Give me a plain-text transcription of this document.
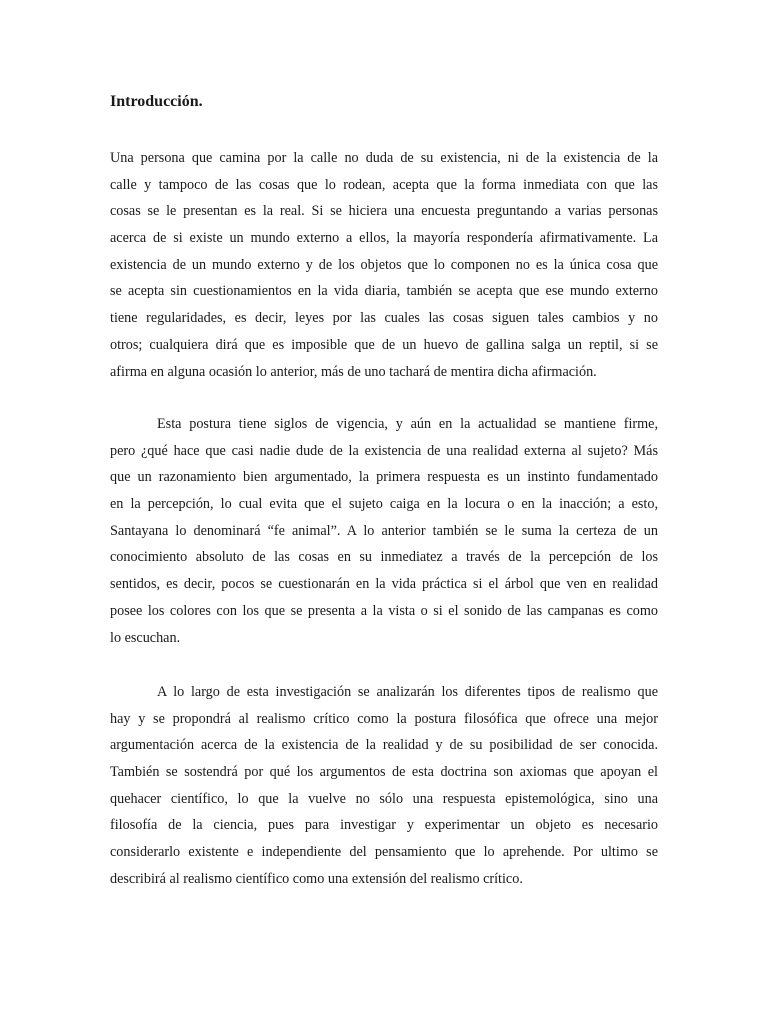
Introducción.
Una persona que camina por la calle no duda de su existencia, ni de la existencia de la
calle y tampoco de las cosas que lo rodean, acepta que la forma inmediata con que las
cosas se le presentan es la real. Si se hiciera una encuesta preguntando a varias personas
acerca de si existe un mundo externo a ellos, la mayoría respondería afirmativamente. La
existencia de un mundo externo y de los objetos que lo componen no es la única cosa que
se acepta sin cuestionamientos en la vida diaria, también se acepta que ese mundo externo
tiene regularidades, es decir, leyes por las cuales las cosas siguen tales cambios y no
otros; cualquiera dirá que es imposible que de un huevo de gallina salga un reptil, si se
afirma en alguna ocasión lo anterior, más de uno tachará de mentira dicha afirmación.
Esta postura tiene siglos de vigencia, y aún en la actualidad se mantiene firme,
pero ¿qué hace que casi nadie dude de la existencia de una realidad externa al sujeto? Más
que un razonamiento bien argumentado, la primera respuesta es un instinto fundamentado
en la percepción, lo cual evita que el sujeto caiga en la locura o en la inacción; a esto,
Santayana lo denominará “fe animal”. A lo anterior también se le suma la certeza de un
conocimiento absoluto de las cosas en su inmediatez a través de la percepción de los
sentidos, es decir, pocos se cuestionarán en la vida práctica si el árbol que ven en realidad
posee los colores con los que se presenta a la vista o si el sonido de las campanas es como
lo escuchan.
A lo largo de esta investigación se analizarán los diferentes tipos de realismo que
hay y se propondrá al realismo crítico como la postura filosófica que ofrece una mejor
argumentación acerca de la existencia de la realidad y de su posibilidad de ser conocida.
También se sostendrá por qué los argumentos de esta doctrina son axiomas que apoyan el
quehacer científico, lo que la vuelve no sólo una respuesta epistemológica, sino una
filosofía de la ciencia, pues para investigar y experimentar un objeto es necesario
considerarlo existente e independiente del pensamiento que lo aprehende. Por ultimo se
describirá al realismo científico como una extensión del realismo crítico.
